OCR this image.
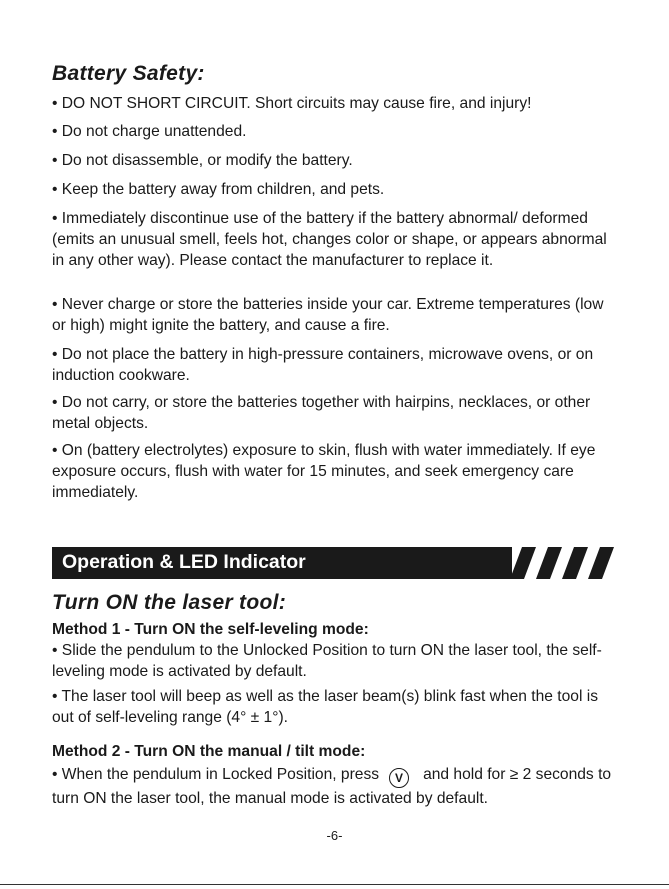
Battery Safety:
• DO NOT SHORT CIRCUIT. Short circuits may cause fire, and injury!
• Do not charge unattended.
• Do not disassemble, or modify the battery.
• Keep the battery away from children, and pets.
• Immediately discontinue use of the battery if the battery abnormal/ deformed (emits an unusual smell, feels hot, changes color or shape, or appears abnormal in any other way). Please contact the manufacturer to replace it.
• Never charge or store the batteries inside your car. Extreme temperatures (low or high) might ignite the battery, and cause a fire.
• Do not place the battery in high-pressure containers, microwave ovens, or on induction cookware.
• Do not carry, or store the batteries together with hairpins, necklaces, or other metal objects.
• On (battery electrolytes) exposure to skin, flush with water immediately. If eye exposure occurs, flush with water for 15 minutes, and seek emergency care immediately.
Turn ON the laser tool:
Method 1 - Turn ON the self-leveling mode:
• Slide the pendulum to the Unlocked Position to turn ON the laser tool, the self-leveling mode is activated by default.
• The laser tool will beep as well as the laser beam(s) blink fast when the tool is out of self-leveling range (4° ± 1°).
Method 2 - Turn ON the manual / tilt mode:
• When the pendulum in Locked Position, press V and hold for ≥ 2 seconds to turn ON the laser tool, the manual mode is activated by default.
Operation & LED Indicator
-6-
